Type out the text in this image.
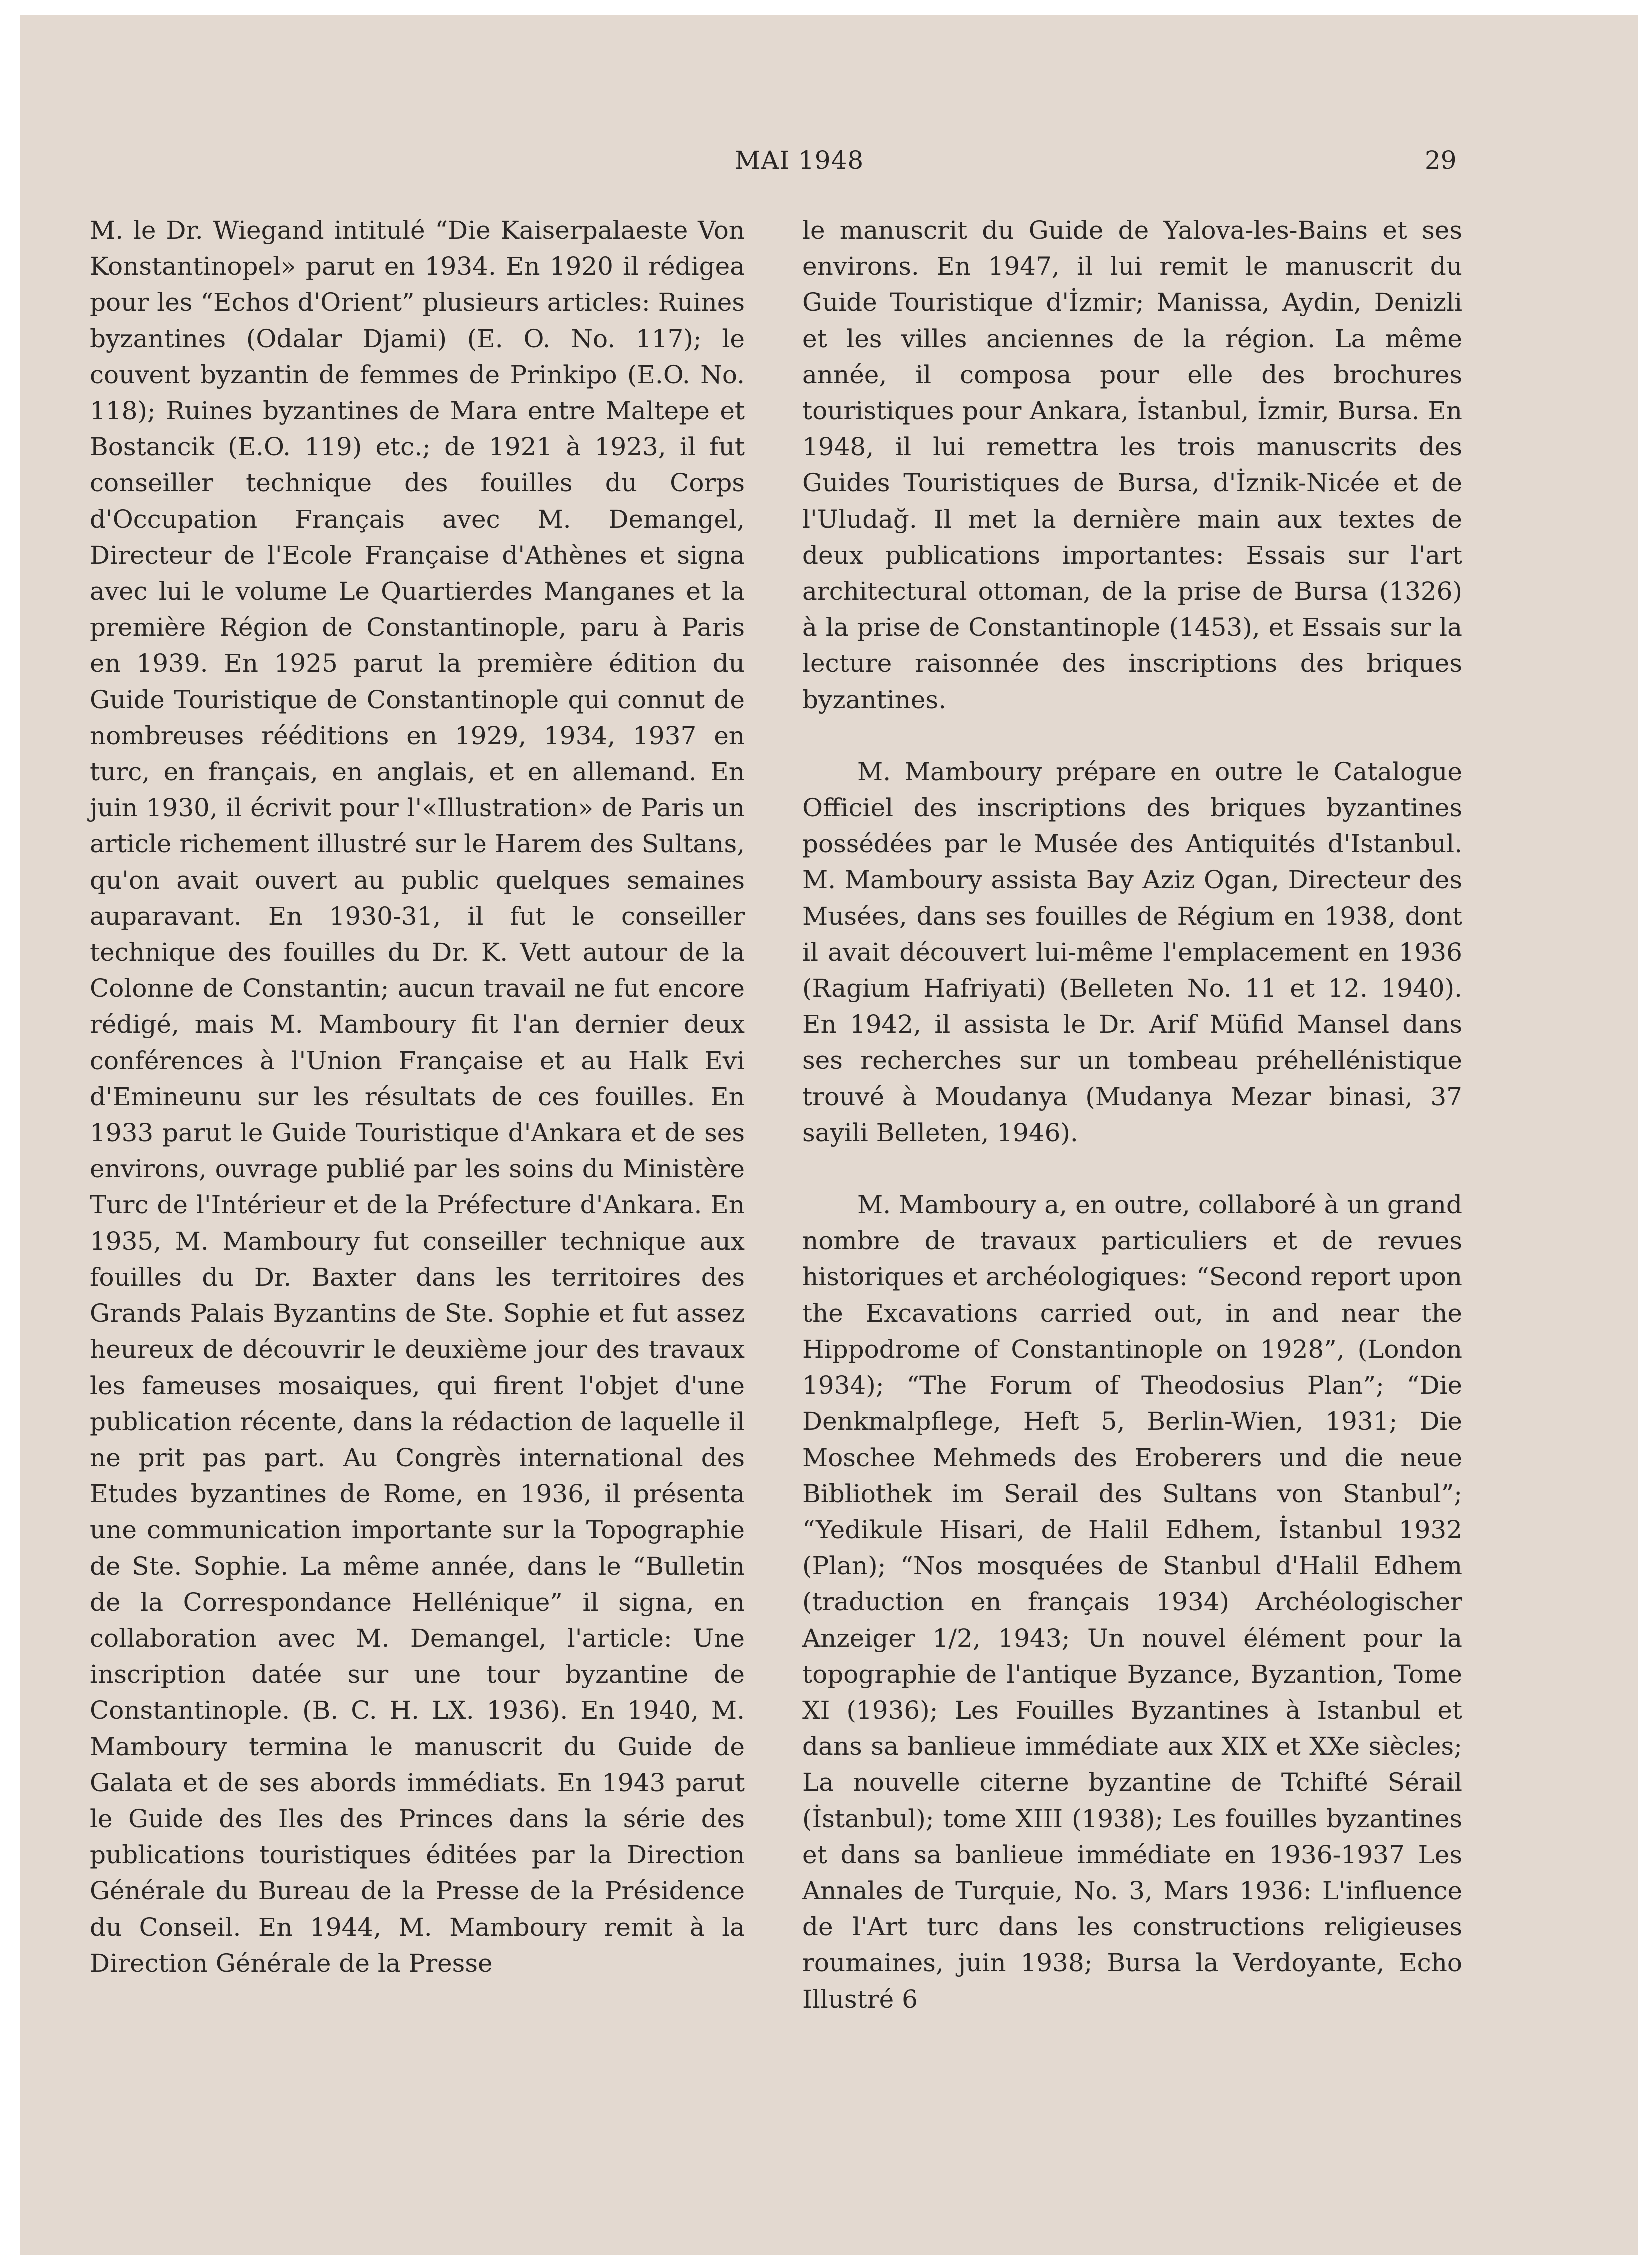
MAI 1948	29

M. le Dr. Wiegand intitulé “Die Kaiserpalaeste Von Konstantinopel» parut en 1934. En 1920 il rédigea pour les “Echos d'Orient” plusieurs articles: Ruines byzantines (Odalar Djami) (E. O. No. 117); le couvent byzantin de femmes de Prinkipo (E.O. No. 118); Ruines byzantines de Mara entre Maltepe et Bostancik (E.O. 119) etc.; de 1921 à 1923, il fut conseiller technique des fouilles du Corps d'Occupation Français avec M. Demangel, Directeur de l'Ecole Française d'Athènes et signa avec lui le volume Le Quartierdes Manganes et la première Région de Constantinople, paru à Paris en 1939. En 1925 parut la première édition du Guide Touristique de Constantinople qui connut de nombreuses rééditions en 1929, 1934, 1937 en turc, en français, en anglais, et en allemand. En juin 1930, il écrivit pour l'«Illustration» de Paris un article richement illustré sur le Harem des Sultans, qu'on avait ouvert au public quelques semaines auparavant. En 1930-31, il fut le conseiller technique des fouilles du Dr. K. Vett autour de la Colonne de Constantin; aucun travail ne fut encore rédigé, mais M. Mamboury fit l'an dernier deux conférences à l'Union Française et au Halk Evi d'Emineunu sur les résultats de ces fouilles. En 1933 parut le Guide Touristique d'Ankara et de ses environs, ouvrage publié par les soins du Ministère Turc de l'Intérieur et de la Préfecture d'Ankara. En 1935, M. Mamboury fut conseiller technique aux fouilles du Dr. Baxter dans les territoires des Grands Palais Byzantins de Ste. Sophie et fut assez heureux de découvrir le deuxième jour des travaux les fameuses mosaiques, qui firent l'objet d'une publication récente, dans la rédaction de laquelle il ne prit pas part. Au Congrès international des Etudes byzantines de Rome, en 1936, il présenta une communication importante sur la Topographie de Ste. Sophie. La même année, dans le “Bulletin de la Correspondance Hellénique” il signa, en collaboration avec M. Demangel, l'article: Une inscription datée sur une tour byzantine de Constantinople. (B. C. H. LX. 1936). En 1940, M. Mamboury termina le manuscrit du Guide de Galata et de ses abords immédiats. En 1943 parut le Guide des Iles des Princes dans la série des publications touristiques éditées par la Direction Générale du Bureau de la Presse de la Présidence du Conseil. En 1944, M. Mamboury remit à la Direction Générale de la Presse

le manuscrit du Guide de Yalova-les-Bains et ses environs. En 1947, il lui remit le manuscrit du Guide Touristique d'İzmir; Manissa, Aydin, Denizli et les villes anciennes de la région. La même année, il composa pour elle des brochures touristiques pour Ankara, İstanbul, İzmir, Bursa. En 1948, il lui remettra les trois manuscrits des Guides Touristiques de Bursa, d'İznik-Nicée et de l'Uludağ. Il met la dernière main aux textes de deux publications importantes: Essais sur l'art architectural ottoman, de la prise de Bursa (1326) à la prise de Constantinople (1453), et Essais sur la lecture raisonnée des inscriptions des briques byzantines.

M. Mamboury prépare en outre le Catalogue Officiel des inscriptions des briques byzantines possédées par le Musée des Antiquités d'Istanbul. M. Mamboury assista Bay Aziz Ogan, Directeur des Musées, dans ses fouilles de Régium en 1938, dont il avait découvert lui-même l'emplacement en 1936 (Ragium Hafriyati) (Belleten No. 11 et 12. 1940). En 1942, il assista le Dr. Arif Müfid Mansel dans ses recherches sur un tombeau préhellénistique trouvé à Moudanya (Mudanya Mezar binasi, 37 sayili Belleten, 1946).

M. Mamboury a, en outre, collaboré à un grand nombre de travaux particuliers et de revues historiques et archéologiques: “Second report upon the Excavations carried out, in and near the Hippodrome of Constantinople on 1928”, (London 1934); “The Forum of Theodosius Plan”; “Die Denkmalpflege, Heft 5, Berlin-Wien, 1931; Die Moschee Mehmeds des Eroberers und die neue Bibliothek im Serail des Sultans von Stanbul”; “Yedikule Hisari, de Halil Edhem, İstanbul 1932 (Plan); “Nos mosquées de Stanbul d'Halil Edhem (traduction en français 1934) Archéologischer Anzeiger 1/2, 1943; Un nouvel élément pour la topographie de l'antique Byzance, Byzantion, Tome XI (1936); Les Fouilles Byzantines à Istanbul et dans sa banlieue immédiate aux XIX et XXe siècles; La nouvelle citerne byzantine de Tchifté Sérail (İstanbul); tome XIII (1938); Les fouilles byzantines et dans sa banlieue immédiate en 1936-1937 Les Annales de Turquie, No. 3, Mars 1936: L'influence de l'Art turc dans les constructions religieuses roumaines, juin 1938; Bursa la Verdoyante, Echo Illustré 6
